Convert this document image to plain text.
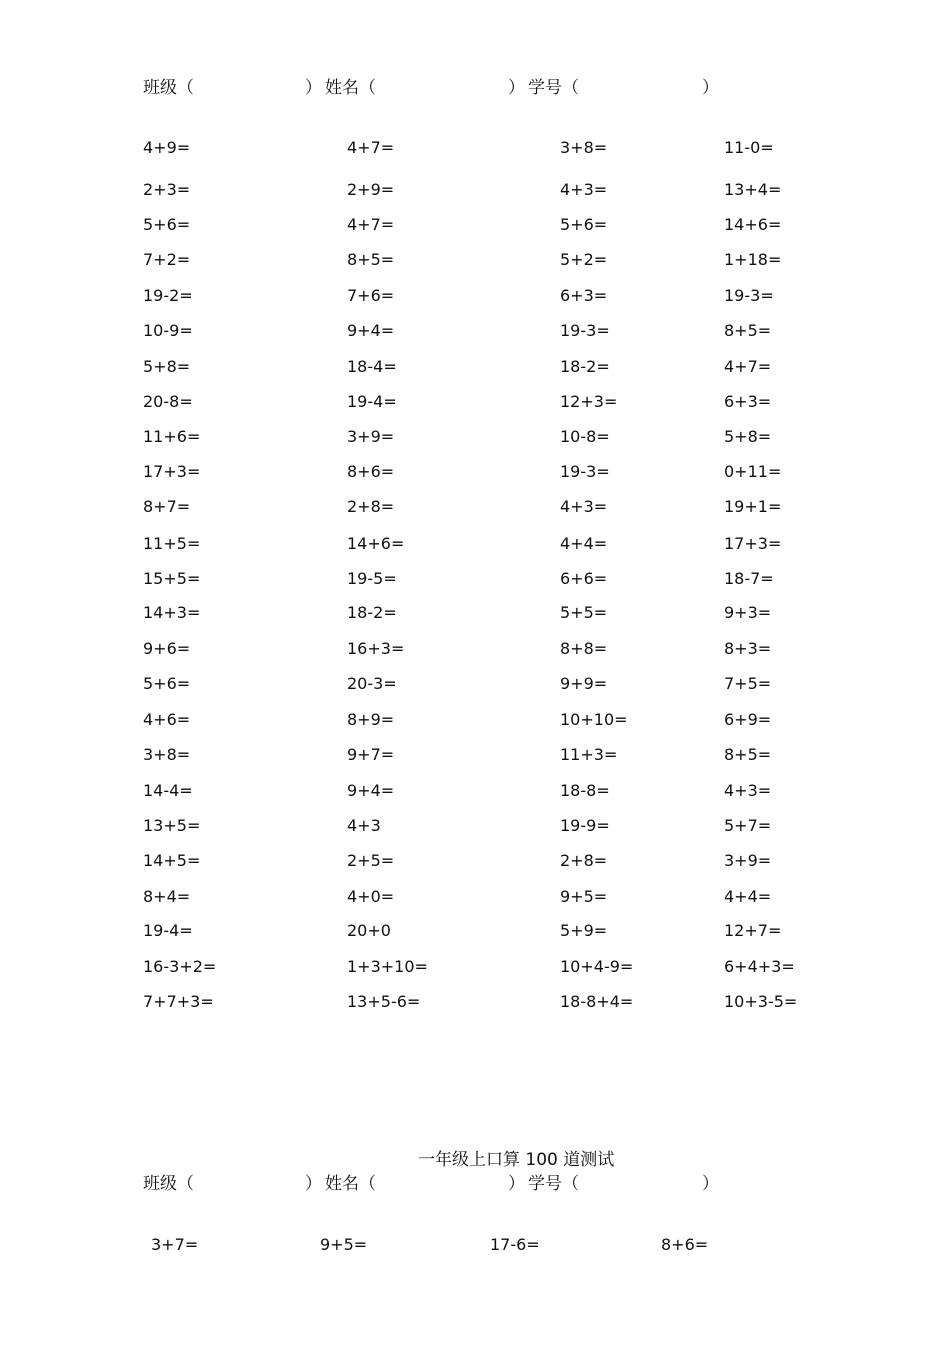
班级（	） 姓名（	） 学号（	）
4+9=	4+7=	3+8=	11-0=
2+3=	2+9=	4+3=	13+4=
5+6=	4+7=	5+6=	14+6=
7+2=	8+5=	5+2=	1+18=
19-2=	7+6=	6+3=	19-3=
10-9=	9+4=	19-3=	8+5=
5+8=	18-4=	18-2=	4+7=
20-8=	19-4=	12+3=	6+3=
11+6=	3+9=	10-8=	5+8=
17+3=	8+6=	19-3=	0+11=
8+7=	2+8=	4+3=	19+1=
11+5=	14+6=	4+4=	17+3=
15+5=	19-5=	6+6=	18-7=
14+3=	18-2=	5+5=	9+3=
9+6=	16+3=	8+8=	8+3=
5+6=	20-3=	9+9=	7+5=
4+6=	8+9=	10+10=	6+9=
3+8=	9+7=	11+3=	8+5=
14-4=	9+4=	18-8=	4+3=
13+5=	4+3	19-9=	5+7=
14+5=	2+5=	2+8=	3+9=
8+4=	4+0=	9+5=	4+4=
19-4=	20+0	5+9=	12+7=
16-3+2=	1+3+10=	10+4-9=	6+4+3=
7+7+3=	13+5-6=	18-8+4=	10+3-5=
一年级上口算 100 道测试
班级（	） 姓名（	） 学号（	）
3+7=	9+5=	17-6=	8+6=
